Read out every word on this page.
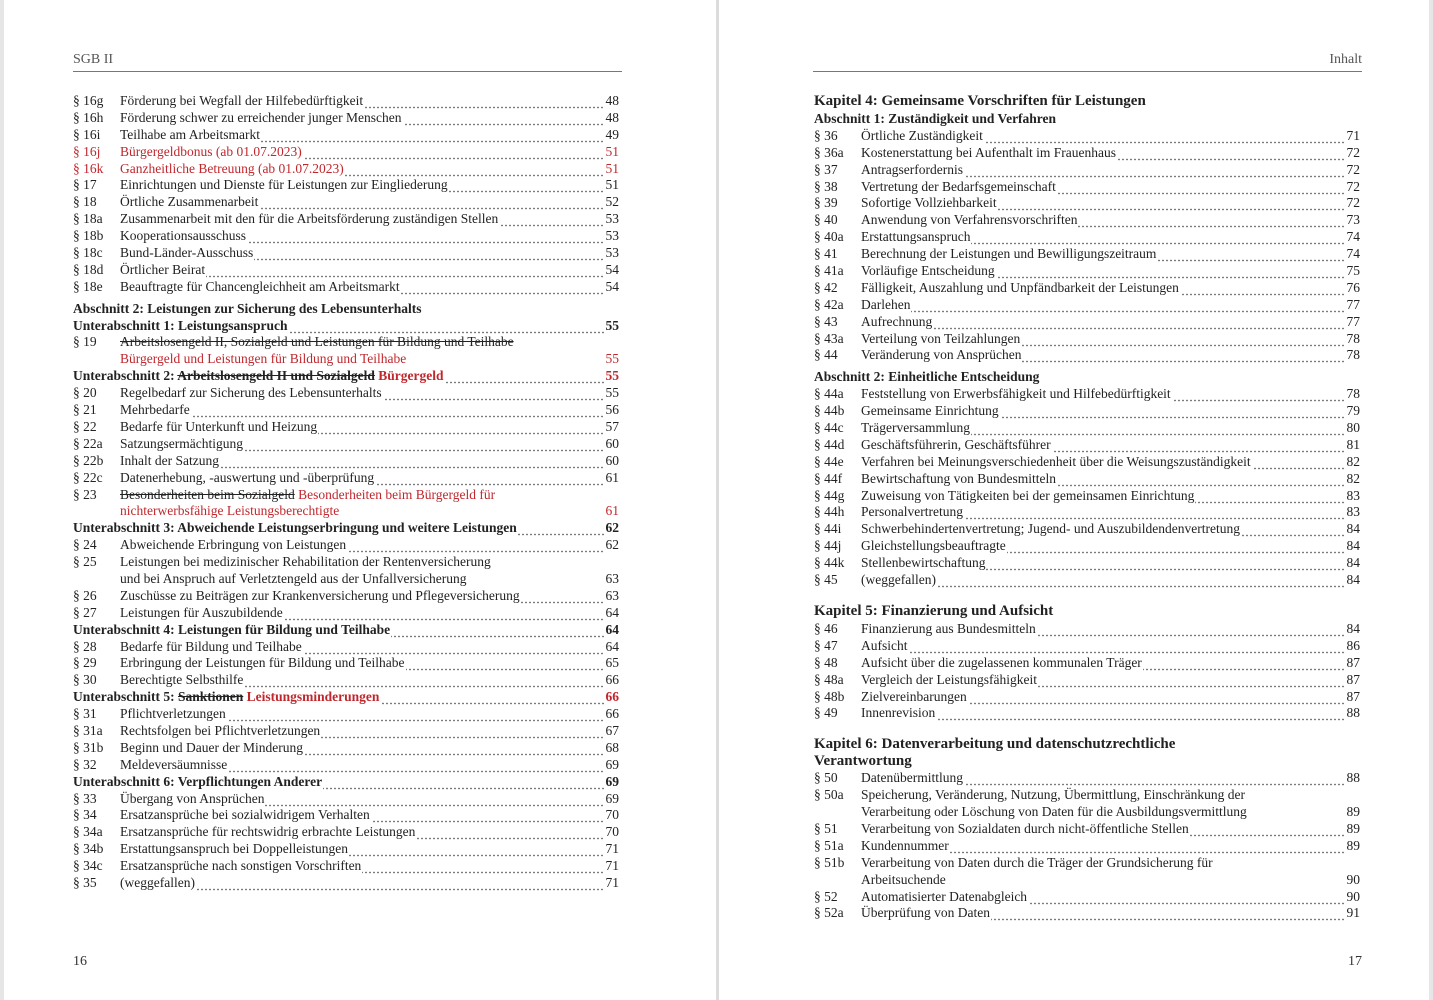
SGB II
§ 16g Förderung bei Wegfall der Hilfebedürftigkeit	48
§ 16h Förderung schwer zu erreichender junger Menschen	48
§ 16i Teilhabe am Arbeitsmarkt	49
§ 16j Bürgergeldbonus (ab 01.07.2023)	51
§ 16k Ganzheitliche Betreuung (ab 01.07.2023)	51
§ 17 Einrichtungen und Dienste für Leistungen zur Eingliederung	51
§ 18 Örtliche Zusammenarbeit	52
§ 18a Zusammenarbeit mit den für die Arbeitsförderung zuständigen Stellen	53
§ 18b Kooperationsausschuss	53
§ 18c Bund-Länder-Ausschuss	53
§ 18d Örtlicher Beirat	54
§ 18e Beauftragte für Chancengleichheit am Arbeitsmarkt	54
Abschnitt 2: Leistungen zur Sicherung des Lebensunterhalts
Unterabschnitt 1: Leistungsanspruch	55
§ 19 Arbeitslosengeld II, Sozialgeld und Leistungen für Bildung und Teilhabe
Bürgergeld und Leistungen für Bildung und Teilhabe	55
Unterabschnitt 2: Arbeitslosengeld II und Sozialgeld Bürgergeld	55
§ 20 Regelbedarf zur Sicherung des Lebensunterhalts	55
§ 21 Mehrbedarfe	56
§ 22 Bedarfe für Unterkunft und Heizung	57
§ 22a Satzungsermächtigung	60
§ 22b Inhalt der Satzung	60
§ 22c Datenerhebung, -auswertung und -überprüfung	61
§ 23 Besonderheiten beim Sozialgeld Besonderheiten beim Bürgergeld für
nichterwerbsfähige Leistungsberechtigte	61
Unterabschnitt 3: Abweichende Leistungserbringung und weitere Leistungen	62
§ 24 Abweichende Erbringung von Leistungen	62
§ 25 Leistungen bei medizinischer Rehabilitation der Rentenversicherung
und bei Anspruch auf Verletztengeld aus der Unfallversicherung	63
§ 26 Zuschüsse zu Beiträgen zur Krankenversicherung und Pflegeversicherung	63
§ 27 Leistungen für Auszubildende	64
Unterabschnitt 4: Leistungen für Bildung und Teilhabe	64
§ 28 Bedarfe für Bildung und Teilhabe	64
§ 29 Erbringung der Leistungen für Bildung und Teilhabe	65
§ 30 Berechtigte Selbsthilfe	66
Unterabschnitt 5: Sanktionen Leistungsminderungen	66
§ 31 Pflichtverletzungen	66
§ 31a Rechtsfolgen bei Pflichtverletzungen	67
§ 31b Beginn und Dauer der Minderung	68
§ 32 Meldeversäumnisse	69
Unterabschnitt 6: Verpflichtungen Anderer	69
§ 33 Übergang von Ansprüchen	69
§ 34 Ersatzansprüche bei sozialwidrigem Verhalten	70
§ 34a Ersatzansprüche für rechtswidrig erbrachte Leistungen	70
§ 34b Erstattungsanspruch bei Doppelleistungen	71
§ 34c Ersatzansprüche nach sonstigen Vorschriften	71
§ 35 (weggefallen)	71
16
Inhalt
Kapitel 4: Gemeinsame Vorschriften für Leistungen
Abschnitt 1: Zuständigkeit und Verfahren
§ 36 Örtliche Zuständigkeit	71
§ 36a Kostenerstattung bei Aufenthalt im Frauenhaus	72
§ 37 Antragserfordernis	72
§ 38 Vertretung der Bedarfsgemeinschaft	72
§ 39 Sofortige Vollziehbarkeit	72
§ 40 Anwendung von Verfahrensvorschriften	73
§ 40a Erstattungsanspruch	74
§ 41 Berechnung der Leistungen und Bewilligungszeitraum	74
§ 41a Vorläufige Entscheidung	75
§ 42 Fälligkeit, Auszahlung und Unpfändbarkeit der Leistungen	76
§ 42a Darlehen	77
§ 43 Aufrechnung	77
§ 43a Verteilung von Teilzahlungen	78
§ 44 Veränderung von Ansprüchen	78
Abschnitt 2: Einheitliche Entscheidung
§ 44a Feststellung von Erwerbsfähigkeit und Hilfebedürftigkeit	78
§ 44b Gemeinsame Einrichtung	79
§ 44c Trägerversammlung	80
§ 44d Geschäftsführerin, Geschäftsführer	81
§ 44e Verfahren bei Meinungsverschiedenheit über die Weisungszuständigkeit	82
§ 44f Bewirtschaftung von Bundesmitteln	82
§ 44g Zuweisung von Tätigkeiten bei der gemeinsamen Einrichtung	83
§ 44h Personalvertretung	83
§ 44i Schwerbehindertenvertretung; Jugend- und Auszubildendenvertretung	84
§ 44j Gleichstellungsbeauftragte	84
§ 44k Stellenbewirtschaftung	84
§ 45 (weggefallen)	84
Kapitel 5: Finanzierung und Aufsicht
§ 46 Finanzierung aus Bundesmitteln	84
§ 47 Aufsicht	86
§ 48 Aufsicht über die zugelassenen kommunalen Träger	87
§ 48a Vergleich der Leistungsfähigkeit	87
§ 48b Zielvereinbarungen	87
§ 49 Innenrevision	88
Kapitel 6: Datenverarbeitung und datenschutzrechtliche
Verantwortung
§ 50 Datenübermittlung	88
§ 50a Speicherung, Veränderung, Nutzung, Übermittlung, Einschränkung der
Verarbeitung oder Löschung von Daten für die Ausbildungsvermittlung	89
§ 51 Verarbeitung von Sozialdaten durch nicht-öffentliche Stellen	89
§ 51a Kundennummer	89
§ 51b Verarbeitung von Daten durch die Träger der Grundsicherung für
Arbeitsuchende	90
§ 52 Automatisierter Datenabgleich	90
§ 52a Überprüfung von Daten	91
17
